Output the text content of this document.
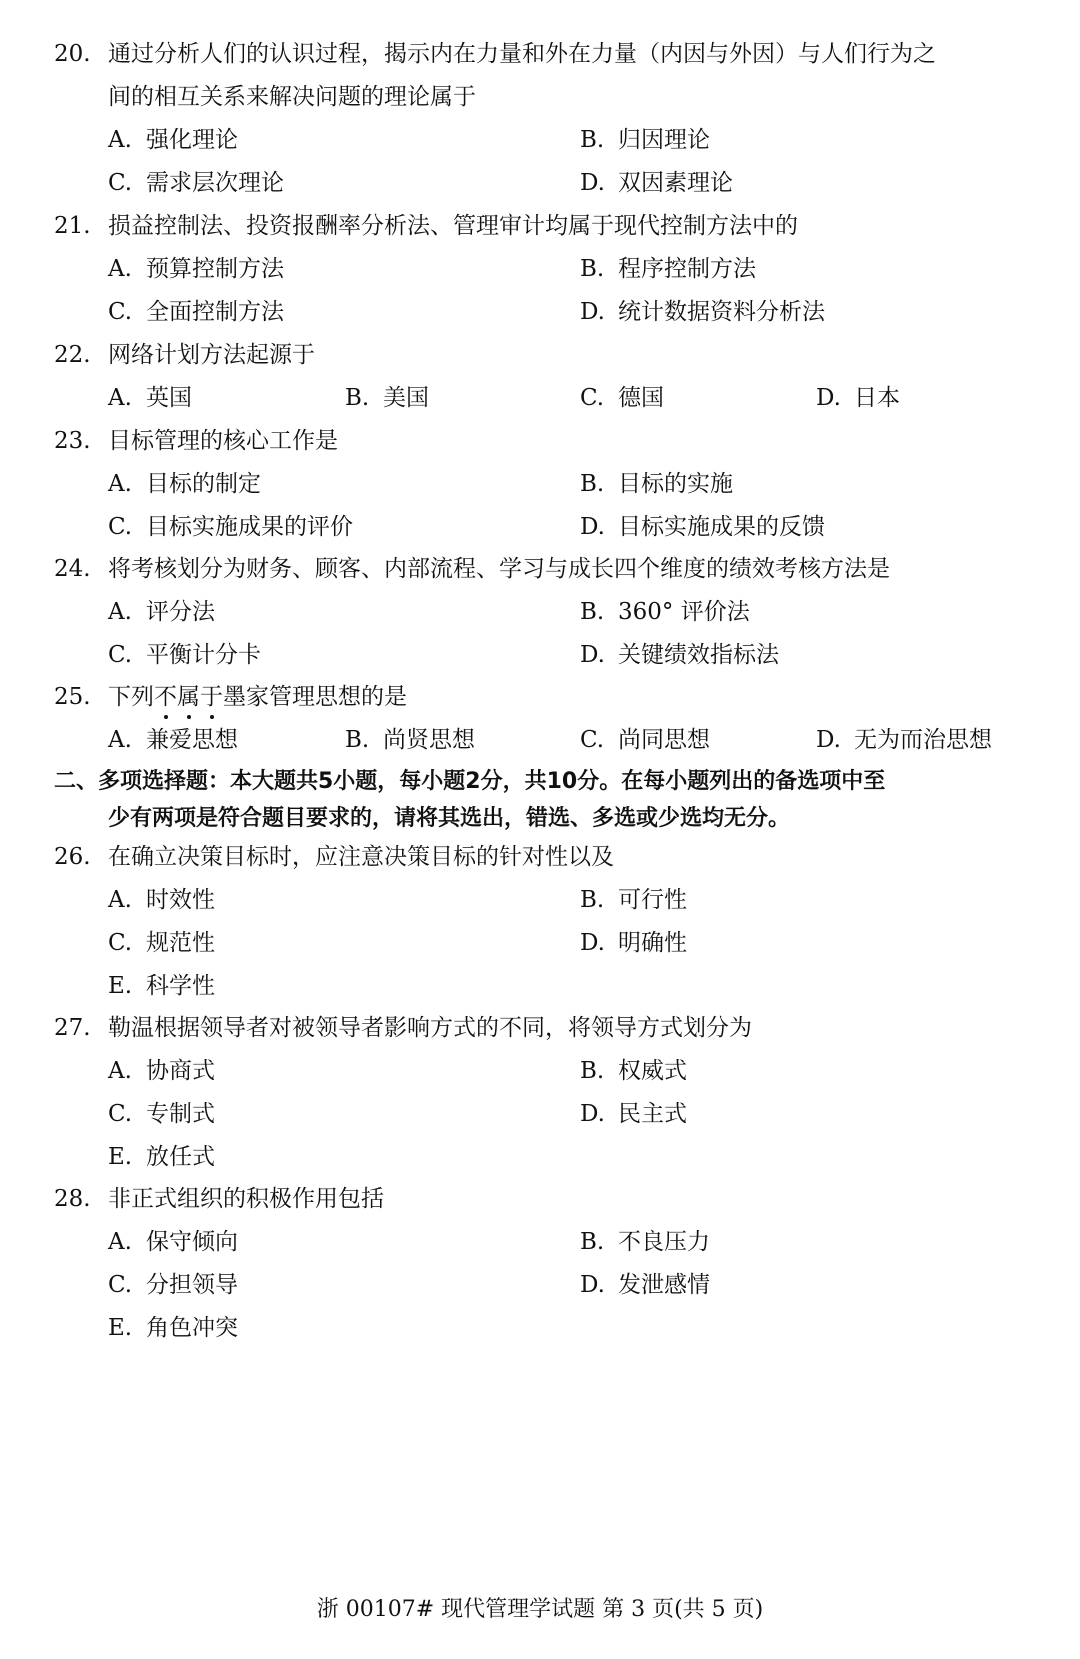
20. 通过分析人们的认识过程，揭示内在力量和外在力量（内因与外因）与人们行为之
间的相互关系来解决问题的理论属于
A. 强化理论	B. 归因理论
C. 需求层次理论	D. 双因素理论
21. 损益控制法、投资报酬率分析法、管理审计均属于现代控制方法中的
A. 预算控制方法	B. 程序控制方法
C. 全面控制方法	D. 统计数据资料分析法
22. 网络计划方法起源于
A. 英国	B. 美国	C. 德国	D. 日本
23. 目标管理的核心工作是
A. 目标的制定	B. 目标的实施
C. 目标实施成果的评价	D. 目标实施成果的反馈
24. 将考核划分为财务、顾客、内部流程、学习与成长四个维度的绩效考核方法是
A. 评分法	B. 360° 评价法
C. 平衡计分卡	D. 关键绩效指标法
25. 下列不属于墨家管理思想的是
A. 兼爱思想	B. 尚贤思想	C. 尚同思想	D. 无为而治思想
二、多项选择题：本大题共5小题，每小题2分，共10分。在每小题列出的备选项中至
少有两项是符合题目要求的，请将其选出，错选、多选或少选均无分。
26. 在确立决策目标时，应注意决策目标的针对性以及
A. 时效性	B. 可行性
C. 规范性	D. 明确性
E. 科学性
27. 勒温根据领导者对被领导者影响方式的不同，将领导方式划分为
A. 协商式	B. 权威式
C. 专制式	D. 民主式
E. 放任式
28. 非正式组织的积极作用包括
A. 保守倾向	B. 不良压力
C. 分担领导	D. 发泄感情
E. 角色冲突
浙 00107# 现代管理学试题 第 3 页(共 5 页)
